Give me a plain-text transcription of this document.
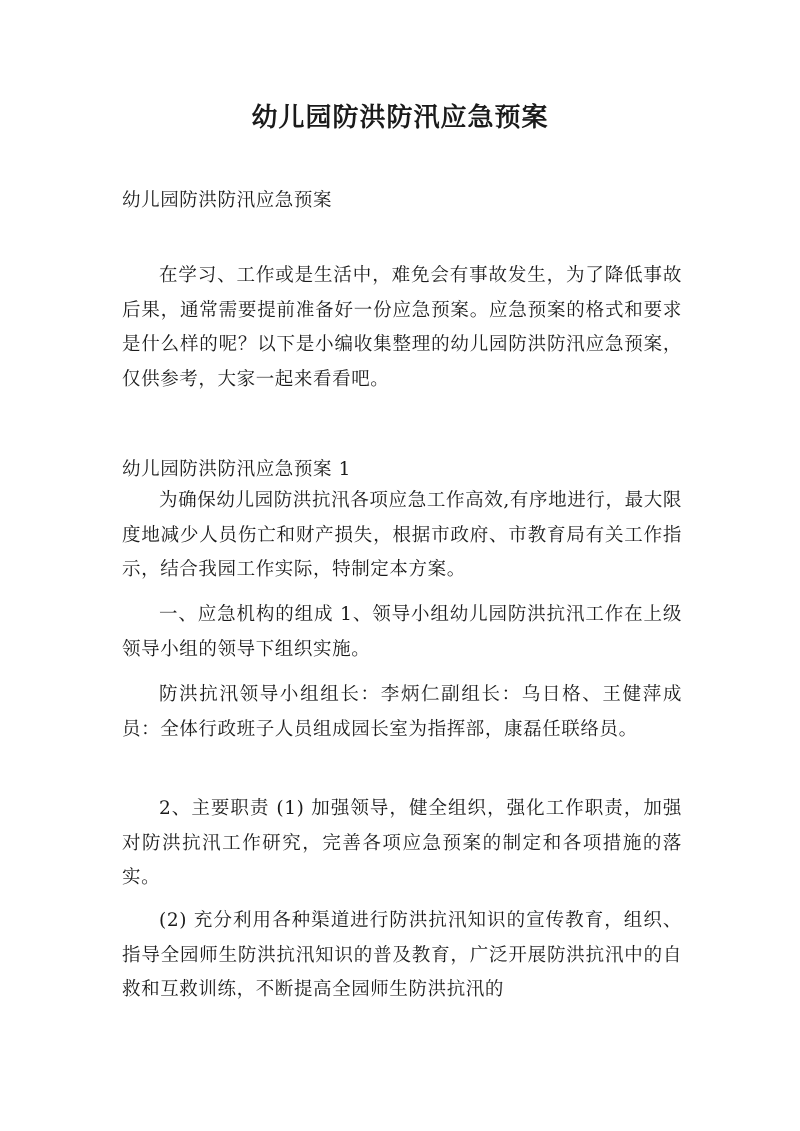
幼儿园防洪防汛应急预案

幼儿园防洪防汛应急预案

在学习、工作或是生活中，难免会有事故发生，为了降低事故后果，通常需要提前准备好一份应急预案。应急预案的格式和要求是什么样的呢？以下是小编收集整理的幼儿园防洪防汛应急预案，仅供参考，大家一起来看看吧。

幼儿园防洪防汛应急预案 1

为确保幼儿园防洪抗汛各项应急工作高效,有序地进行，最大限度地减少人员伤亡和财产损失，根据市政府、市教育局有关工作指示，结合我园工作实际，特制定本方案。

一、应急机构的组成 1、领导小组幼儿园防洪抗汛工作在上级领导小组的领导下组织实施。

防洪抗汛领导小组组长：李炳仁副组长：乌日格、王健萍成员：全体行政班子人员组成园长室为指挥部，康磊任联络员。

2、主要职责 (1) 加强领导，健全组织，强化工作职责，加强对防洪抗汛工作研究，完善各项应急预案的制定和各项措施的落实。

(2) 充分利用各种渠道进行防洪抗汛知识的宣传教育，组织、指导全园师生防洪抗汛知识的普及教育，广泛开展防洪抗汛中的自救和互救训练，不断提高全园师生防洪抗汛的
